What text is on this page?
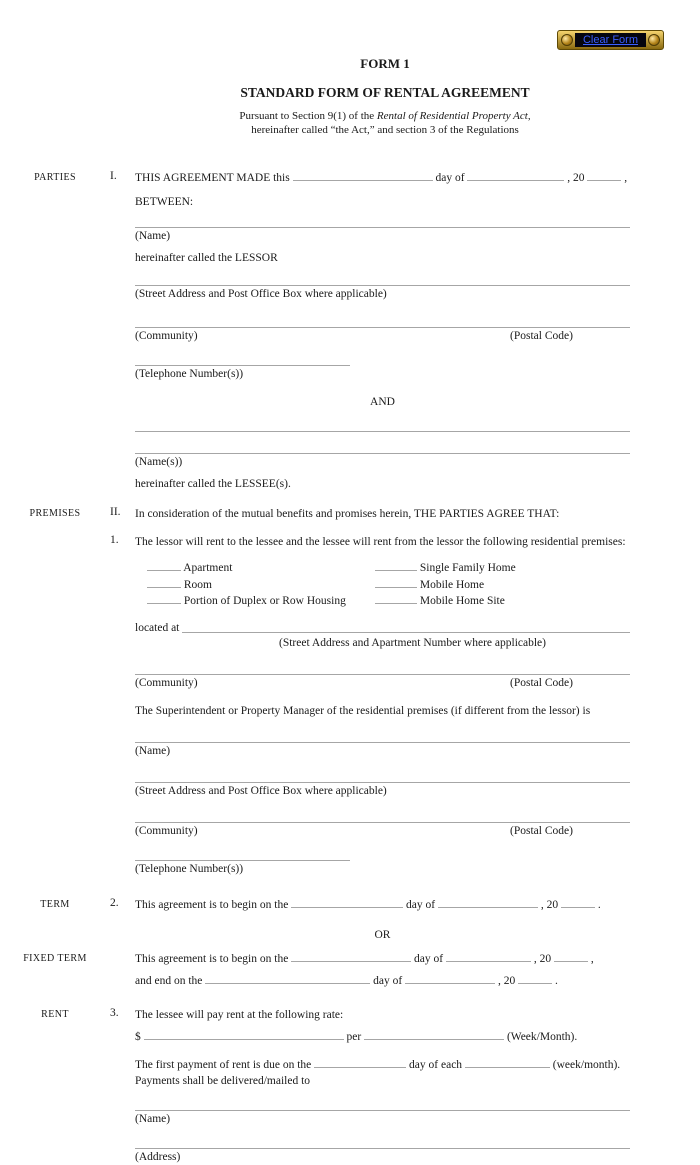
Clear Form
FORM 1
STANDARD FORM OF RENTAL AGREEMENT
Pursuant to Section 9(1) of the Rental of Residential Property Act,
hereinafter called “the Act,” and section 3 of the Regulations
PARTIES	I.	THIS AGREEMENT MADE this	day of	, 20	,
BETWEEN:
(Name)
hereinafter called the LESSOR
(Street Address and Post Office Box where applicable)
(Community)	(Postal Code)
(Telephone Number(s))
AND
(Name(s))
hereinafter called the LESSEE(s).
PREMISES	II.	In consideration of the mutual benefits and promises herein, THE PARTIES AGREE THAT:
1.	The lessor will rent to the lessee and the lessee will rent from the lessor the following residential premises:
Apartment	Single Family Home
Room	Mobile Home
Portion of Duplex or Row Housing	Mobile Home Site
located at

(Street Address and Apartment Number where applicable)
(Community)	(Postal Code)
The Superintendent or Property Manager of the residential premises (if different from the lessor) is
(Name)
(Street Address and Post Office Box where applicable)
(Community)	(Postal Code)
(Telephone Number(s))
TERM	2.	This agreement is to begin on the	day of	, 20	.
OR
FIXED TERM	This agreement is to begin on the	day of	, 20	,
and end on the	day of	, 20	.
RENT	3.	The lessee will pay rent at the following rate:
$	per	(Week/Month).
The first payment of rent is due on the	day of each	(week/month).
Payments shall be delivered/mailed to
(Name)
(Address)
